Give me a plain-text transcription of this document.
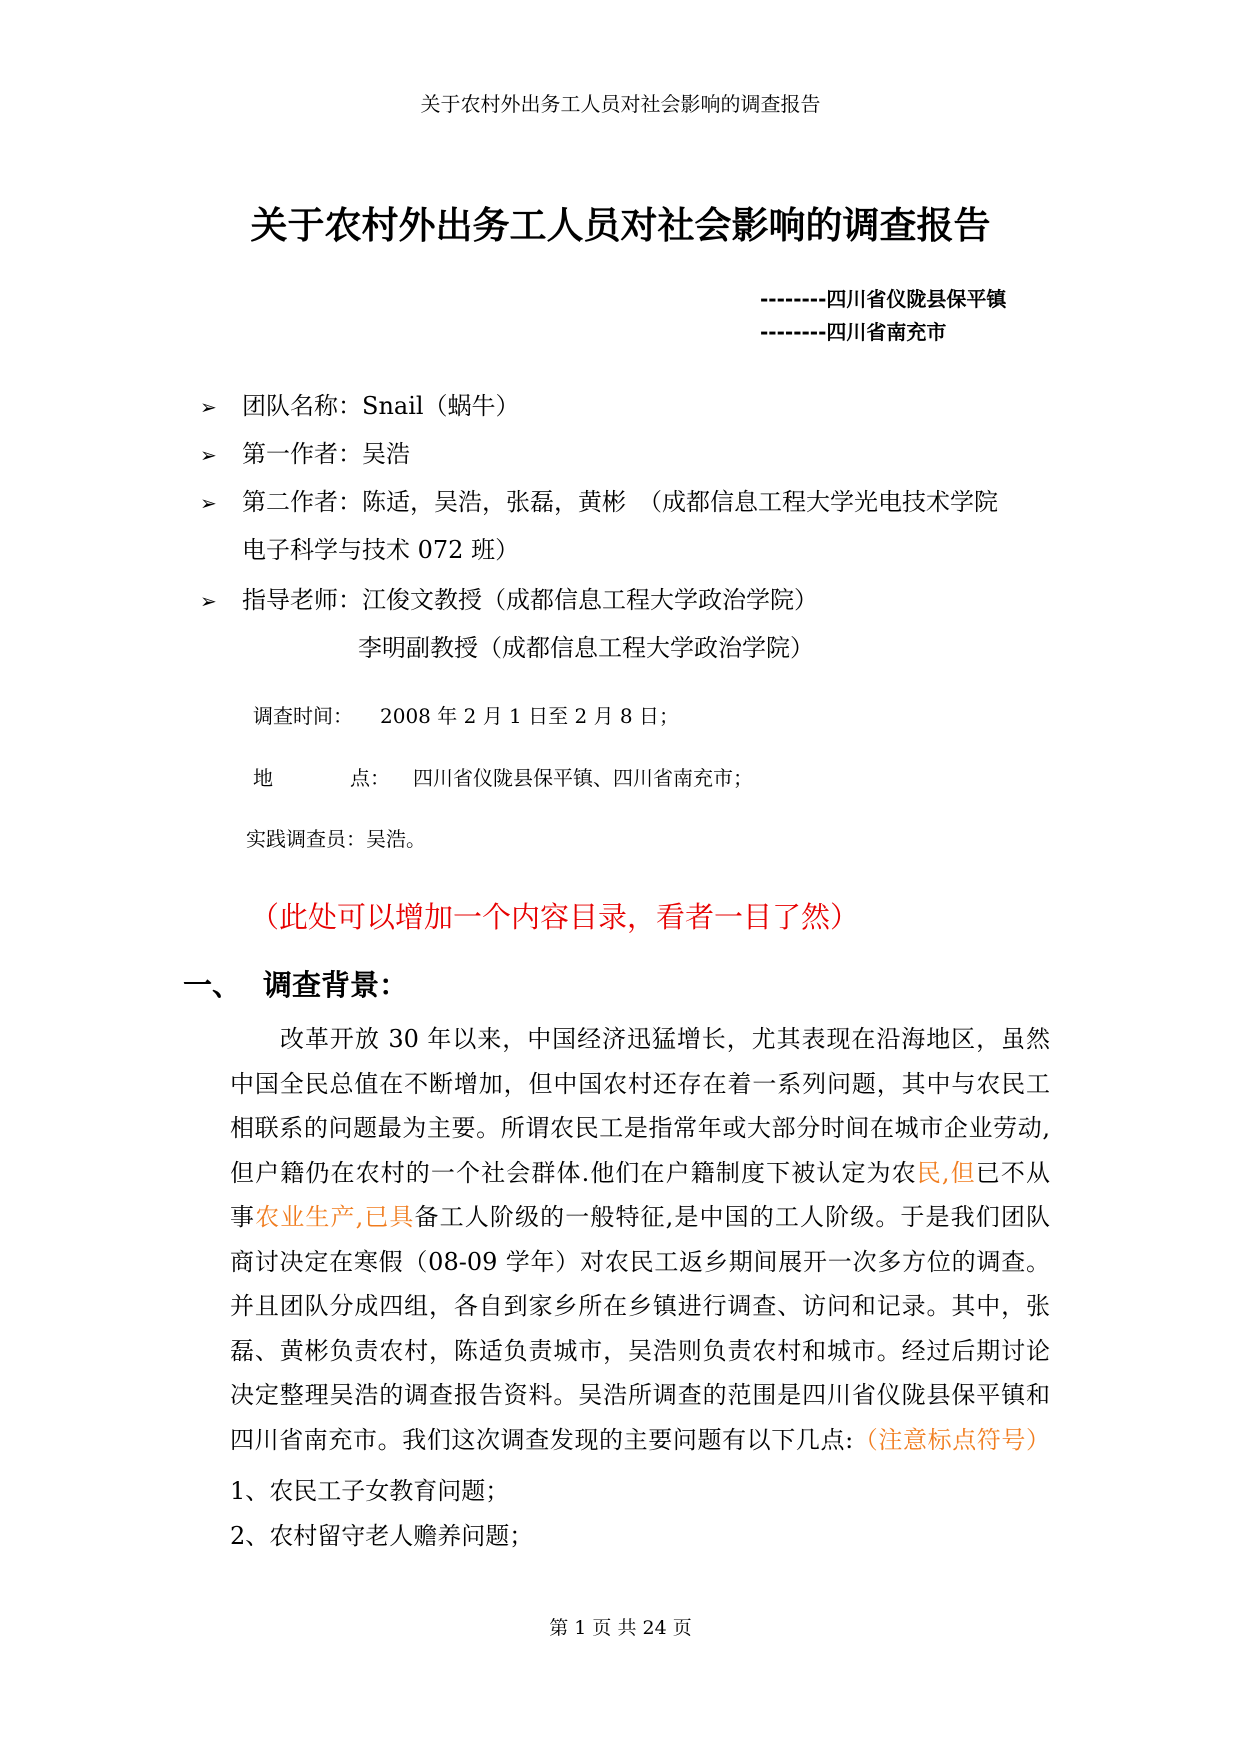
关于农村外出务工人员对社会影响的调查报告
关于农村外出务工人员对社会影响的调查报告
--------四川省仪陇县保平镇
--------四川省南充市
➢ 团队名称：Snail（蜗牛）
➢ 第一作者：吴浩
➢ 第二作者：陈适，吴浩，张磊，黄彬　（成都信息工程大学光电技术学院
电子科学与技术 072 班）
➢ 指导老师：江俊文教授（成都信息工程大学政治学院）
李明副教授（成都信息工程大学政治学院）
调查时间： 2008 年 2 月 1 日至 2 月 8 日；
地	点： 四川省仪陇县保平镇、四川省南充市；
实践调查员：吴浩。
（此处可以增加一个内容目录，看者一目了然）
一、 调查背景：
改革开放 30 年以来，中国经济迅猛增长，尤其表现在沿海地区，虽然
中国全民总值在不断增加，但中国农村还存在着一系列问题，其中与农民工
相联系的问题最为主要。所谓农民工是指常年或大部分时间在城市企业劳动,
但户籍仍在农村的一个社会群体.他们在户籍制度下被认定为农民,但已不从
事农业生产,已具备工人阶级的一般特征,是中国的工人阶级。于是我们团队
商讨决定在寒假（08-09 学年）对农民工返乡期间展开一次多方位的调查。
并且团队分成四组，各自到家乡所在乡镇进行调查、访问和记录。其中，张
磊、黄彬负责农村，陈适负责城市，吴浩则负责农村和城市。经过后期讨论
决定整理吴浩的调查报告资料。吴浩所调查的范围是四川省仪陇县保平镇和
四川省南充市。我们这次调查发现的主要问题有以下几点:（注意标点符号）
1、农民工子女教育问题；
2、农村留守老人赡养问题；
第 1 页 共 24 页
